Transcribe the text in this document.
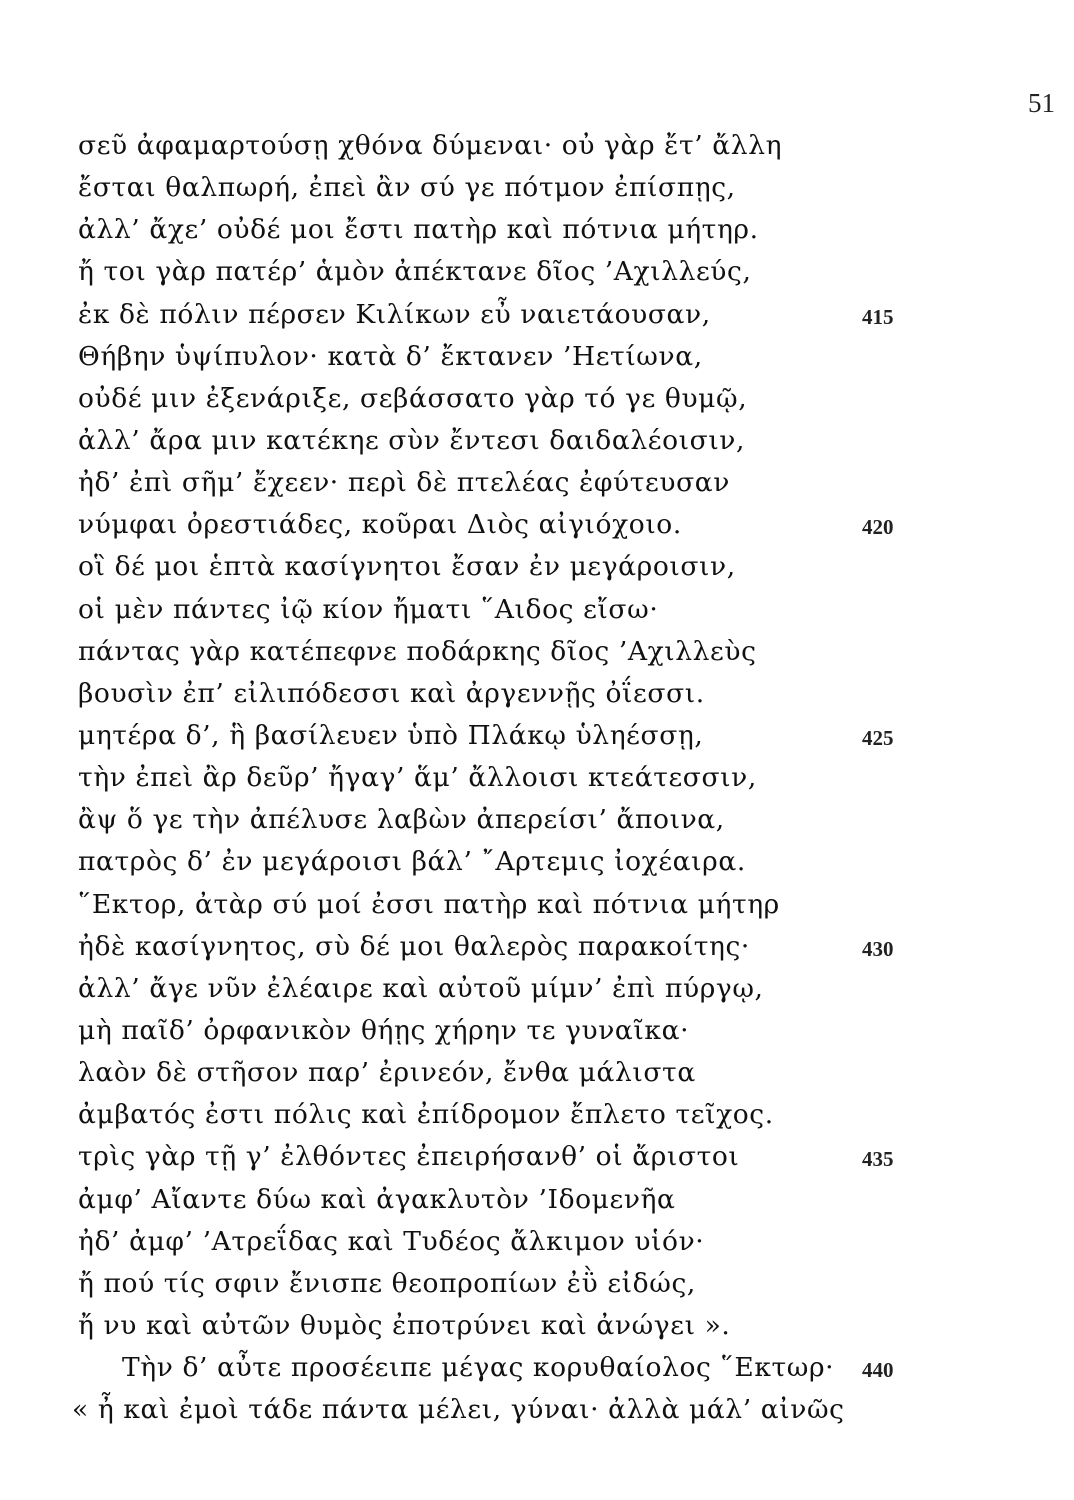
51
σεῦ ἀφαμαρτούσῃ χθόνα δύμεναι· οὐ γὰρ ἔτ’ ἄλλη
ἔσται θαλπωρή, ἐπεὶ ἂν σύ γε πότμον ἐπίσπῃς,
ἀλλ’ ἄχε’ οὐδέ μοι ἔστι πατὴρ καὶ πότνια μήτηρ.
ἤ τοι γὰρ πατέρ’ ἁμὸν ἀπέκτανε δῖος ’Αχιλλεύς,
ἐκ δὲ πόλιν πέρσεν Κιλίκων εὖ ναιετάουσαν,	415
Θήβην ὑψίπυλον· κατὰ δ’ ἔκτανεν ’Ηετίωνα,
οὐδέ μιν ἐξενάριξε, σεβάσσατο γὰρ τό γε θυμῷ,
ἀλλ’ ἄρα μιν κατέκηε σὺν ἔντεσι δαιδαλέοισιν,
ἠδ’ ἐπὶ σῆμ’ ἔχεεν· περὶ δὲ πτελέας ἐφύτευσαν
νύμφαι ὀρεστιάδες, κοῦραι Διὸς αἰγιόχοιο.	420
οἳ δέ μοι ἑπτὰ κασίγνητοι ἔσαν ἐν μεγάροισιν,
οἱ μὲν πάντες ἰῷ κίον ἤματι ῞Αιδος εἴσω·
πάντας γὰρ κατέπεφνε ποδάρκης δῖος ’Αχιλλεὺς
βουσὶν ἐπ’ εἰλιπόδεσσι καὶ ἀργεννῇς ὀΐεσσι.
μητέρα δ’, ἣ βασίλευεν ὑπὸ Πλάκῳ ὑληέσσῃ,	425
τὴν ἐπεὶ ἂρ δεῦρ’ ἤγαγ’ ἅμ’ ἄλλοισι κτεάτεσσιν,
ἂψ ὅ γε τὴν ἀπέλυσε λαβὼν ἀπερείσι’ ἄποινα,
πατρὸς δ’ ἐν μεγάροισι βάλ’ ῎Αρτεμις ἰοχέαιρα.
῞Εκτορ, ἀτὰρ σύ μοί ἐσσι πατὴρ καὶ πότνια μήτηρ
ἠδὲ κασίγνητος, σὺ δέ μοι θαλερὸς παρακοίτης·	430
ἀλλ’ ἄγε νῦν ἐλέαιρε καὶ αὐτοῦ μίμν’ ἐπὶ πύργῳ,
μὴ παῖδ’ ὀρφανικὸν θήῃς χήρην τε γυναῖκα·
λαὸν δὲ στῆσον παρ’ ἐρινεόν, ἔνθα μάλιστα
ἀμβατός ἐστι πόλις καὶ ἐπίδρομον ἔπλετο τεῖχος.
τρὶς γὰρ τῇ γ’ ἐλθόντες ἐπειρήσανθ’ οἱ ἄριστοι	435
ἀμφ’ Αἴαντε δύω καὶ ἀγακλυτὸν ’Ιδομενῆα
ἠδ’ ἀμφ’ ’Ατρεΐδας καὶ Τυδέος ἄλκιμον υἱόν·
ἤ πού τίς σφιν ἔνισπε θεοπροπίων ἐῢ εἰδώς,
ἤ νυ καὶ αὐτῶν θυμὸς ἐποτρύνει καὶ ἀνώγει ».
Τὴν δ’ αὖτε προσέειπε μέγας κορυθαίολος ῞Εκτωρ· 440
« ἦ καὶ ἐμοὶ τάδε πάντα μέλει, γύναι· ἀλλὰ μάλ’ αἰνῶς
